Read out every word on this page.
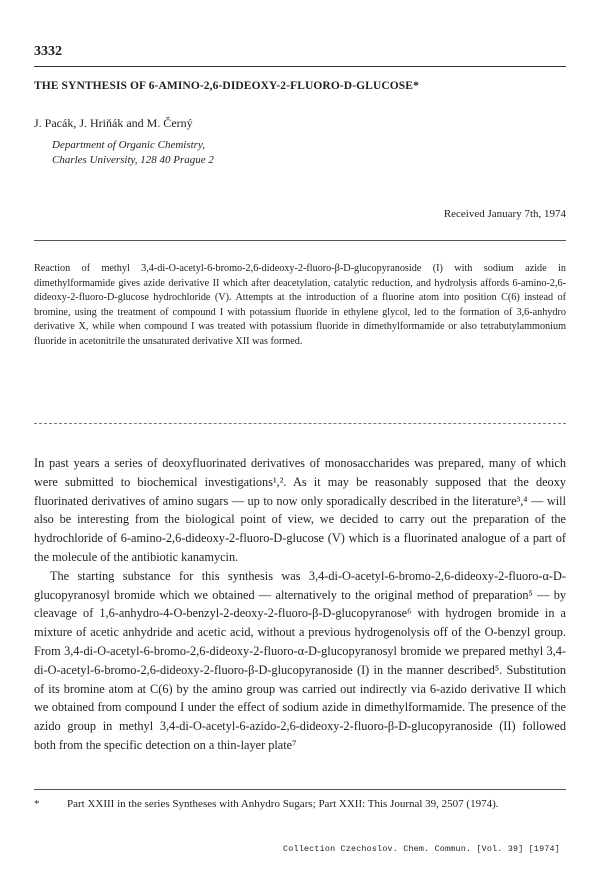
3332
THE SYNTHESIS OF 6-AMINO-2,6-DIDEOXY-2-FLUORO-D-GLUCOSE*
J. Pacák, J. Hriňák and M. Černý
Department of Organic Chemistry,
Charles University, 128 40 Prague 2
Received January 7th, 1974
Reaction of methyl 3,4-di-O-acetyl-6-bromo-2,6-dideoxy-2-fluoro-β-D-glucopyranoside (I) with sodium azide in dimethylformamide gives azide derivative II which after deacetylation, catalytic reduction, and hydrolysis affords 6-amino-2,6-dideoxy-2-fluoro-D-glucose hydrochloride (V). Attempts at the introduction of a fluorine atom into position C(6) instead of bromine, using the treatment of compound I with potassium fluoride in ethylene glycol, led to the formation of 3,6-anhydro derivative X, while when compound I was treated with potassium fluoride in dimethylformamide or also tetrabutylammonium fluoride in acetonitrile the unsaturated derivative XII was formed.

In past years a series of deoxyfluorinated derivatives of monosaccharides was prepared, many of which were submitted to biochemical investigations¹,². As it may be reasonably supposed that the deoxy fluorinated derivatives of amino sugars — up to now only sporadically described in the literature³,⁴ — will also be interesting from the biological point of view, we decided to carry out the preparation of the hydrochloride of 6-amino-2,6-dideoxy-2-fluoro-D-glucose (V) which is a fluorinated analogue of a part of the molecule of the antibiotic kanamycin.

The starting substance for this synthesis was 3,4-di-O-acetyl-6-bromo-2,6-dideoxy-2-fluoro-α-D-glucopyranosyl bromide which we obtained — alternatively to the original method of preparation⁵ — by cleavage of 1,6-anhydro-4-O-benzyl-2-deoxy-2-fluoro-β-D-glucopyranose⁶ with hydrogen bromide in a mixture of acetic anhydride and acetic acid, without a previous hydrogenolysis off of the O-benzyl group. From 3,4-di-O-acetyl-6-bromo-2,6-dideoxy-2-fluoro-α-D-glucopyranosyl bromide we prepared methyl 3,4-di-O-acetyl-6-bromo-2,6-dideoxy-2-fluoro-β-D-glucopyranoside (I) in the manner described⁵. Substitution of its bromine atom at C(6) by the amino group was carried out indirectly via 6-azido derivative II which we obtained from compound I under the effect of sodium azide in dimethylformamide. The presence of the azido group in methyl 3,4-di-O-acetyl-6-azido-2,6-dideoxy-2-fluoro-β-D-glucopyranoside (II) followed both from the specific detection on a thin-layer plate⁷

*	Part XXIII in the series Syntheses with Anhydro Sugars; Part XXII: This Journal 39, 2507 (1974).
Collection Czechoslov. Chem. Commun. [Vol. 39] [1974]
